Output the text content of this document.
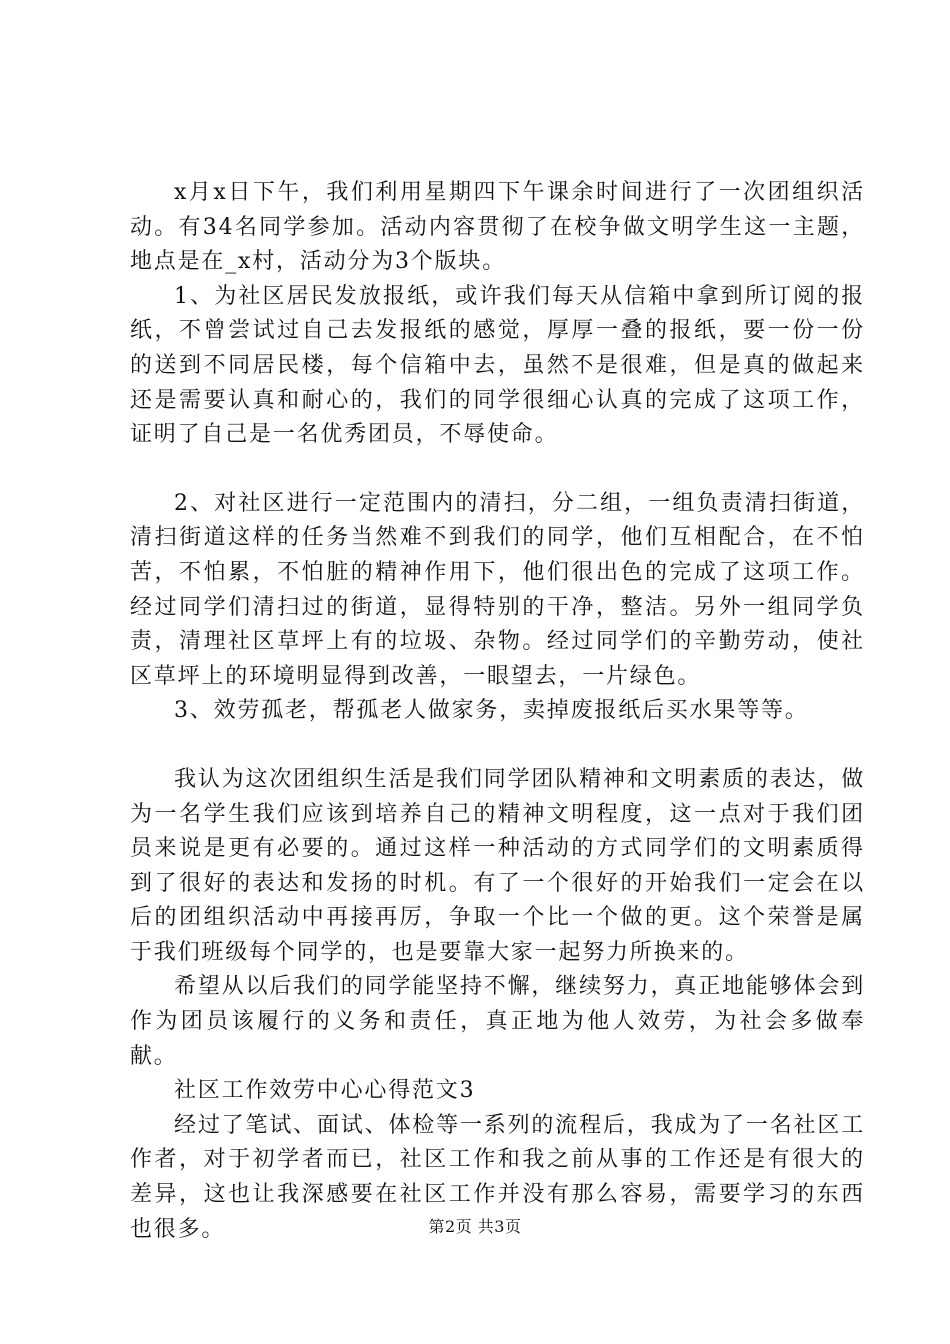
x月x日下午，我们利用星期四下午课余时间进行了一次团组织活动。有34名同学参加。活动内容贯彻了在校争做文明学生这一主题，地点是在_x村，活动分为3个版块。

1、为社区居民发放报纸，或许我们每天从信箱中拿到所订阅的报纸，不曾尝试过自己去发报纸的感觉，厚厚一叠的报纸，要一份一份的送到不同居民楼，每个信箱中去，虽然不是很难，但是真的做起来还是需要认真和耐心的，我们的同学很细心认真的完成了这项工作，证明了自己是一名优秀团员，不辱使命。

2、对社区进行一定范围内的清扫，分二组，一组负责清扫街道，清扫街道这样的任务当然难不到我们的同学，他们互相配合，在不怕苦，不怕累，不怕脏的精神作用下，他们很出色的完成了这项工作。经过同学们清扫过的街道，显得特别的干净，整洁。另外一组同学负责，清理社区草坪上有的垃圾、杂物。经过同学们的辛勤劳动，使社区草坪上的环境明显得到改善，一眼望去，一片绿色。

3、效劳孤老，帮孤老人做家务，卖掉废报纸后买水果等等。

我认为这次团组织生活是我们同学团队精神和文明素质的表达，做为一名学生我们应该到培养自己的精神文明程度，这一点对于我们团员来说是更有必要的。通过这样一种活动的方式同学们的文明素质得到了很好的表达和发扬的时机。有了一个很好的开始我们一定会在以后的团组织活动中再接再厉，争取一个比一个做的更。这个荣誉是属于我们班级每个同学的，也是要靠大家一起努力所换来的。

希望从以后我们的同学能坚持不懈，继续努力，真正地能够体会到作为团员该履行的义务和责任，真正地为他人效劳，为社会多做奉献。

社区工作效劳中心心得范文3

经过了笔试、面试、体检等一系列的流程后，我成为了一名社区工作者，对于初学者而已，社区工作和我之前从事的工作还是有很大的差异，这也让我深感要在社区工作并没有那么容易，需要学习的东西也很多。	第2页 共3页
